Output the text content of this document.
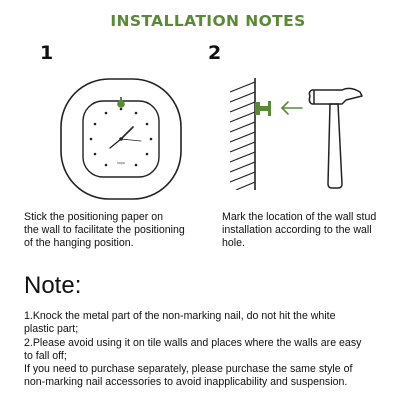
INSTALLATION NOTES
1
logo
Stick the positioning paper on
the wall to facilitate the positioning
of the hanging position.
2
Mark the location of the wall stud
installation according to the wall
hole.
Note:

1.Knock the metal part of the non-marking nail, do not hit the white

plastic part;

2.Please avoid using it on tile walls and places where the walls are easy

to fall off;

If you need to purchase separately, please purchase the same style of

non-marking nail accessories to avoid inapplicability and suspension.
